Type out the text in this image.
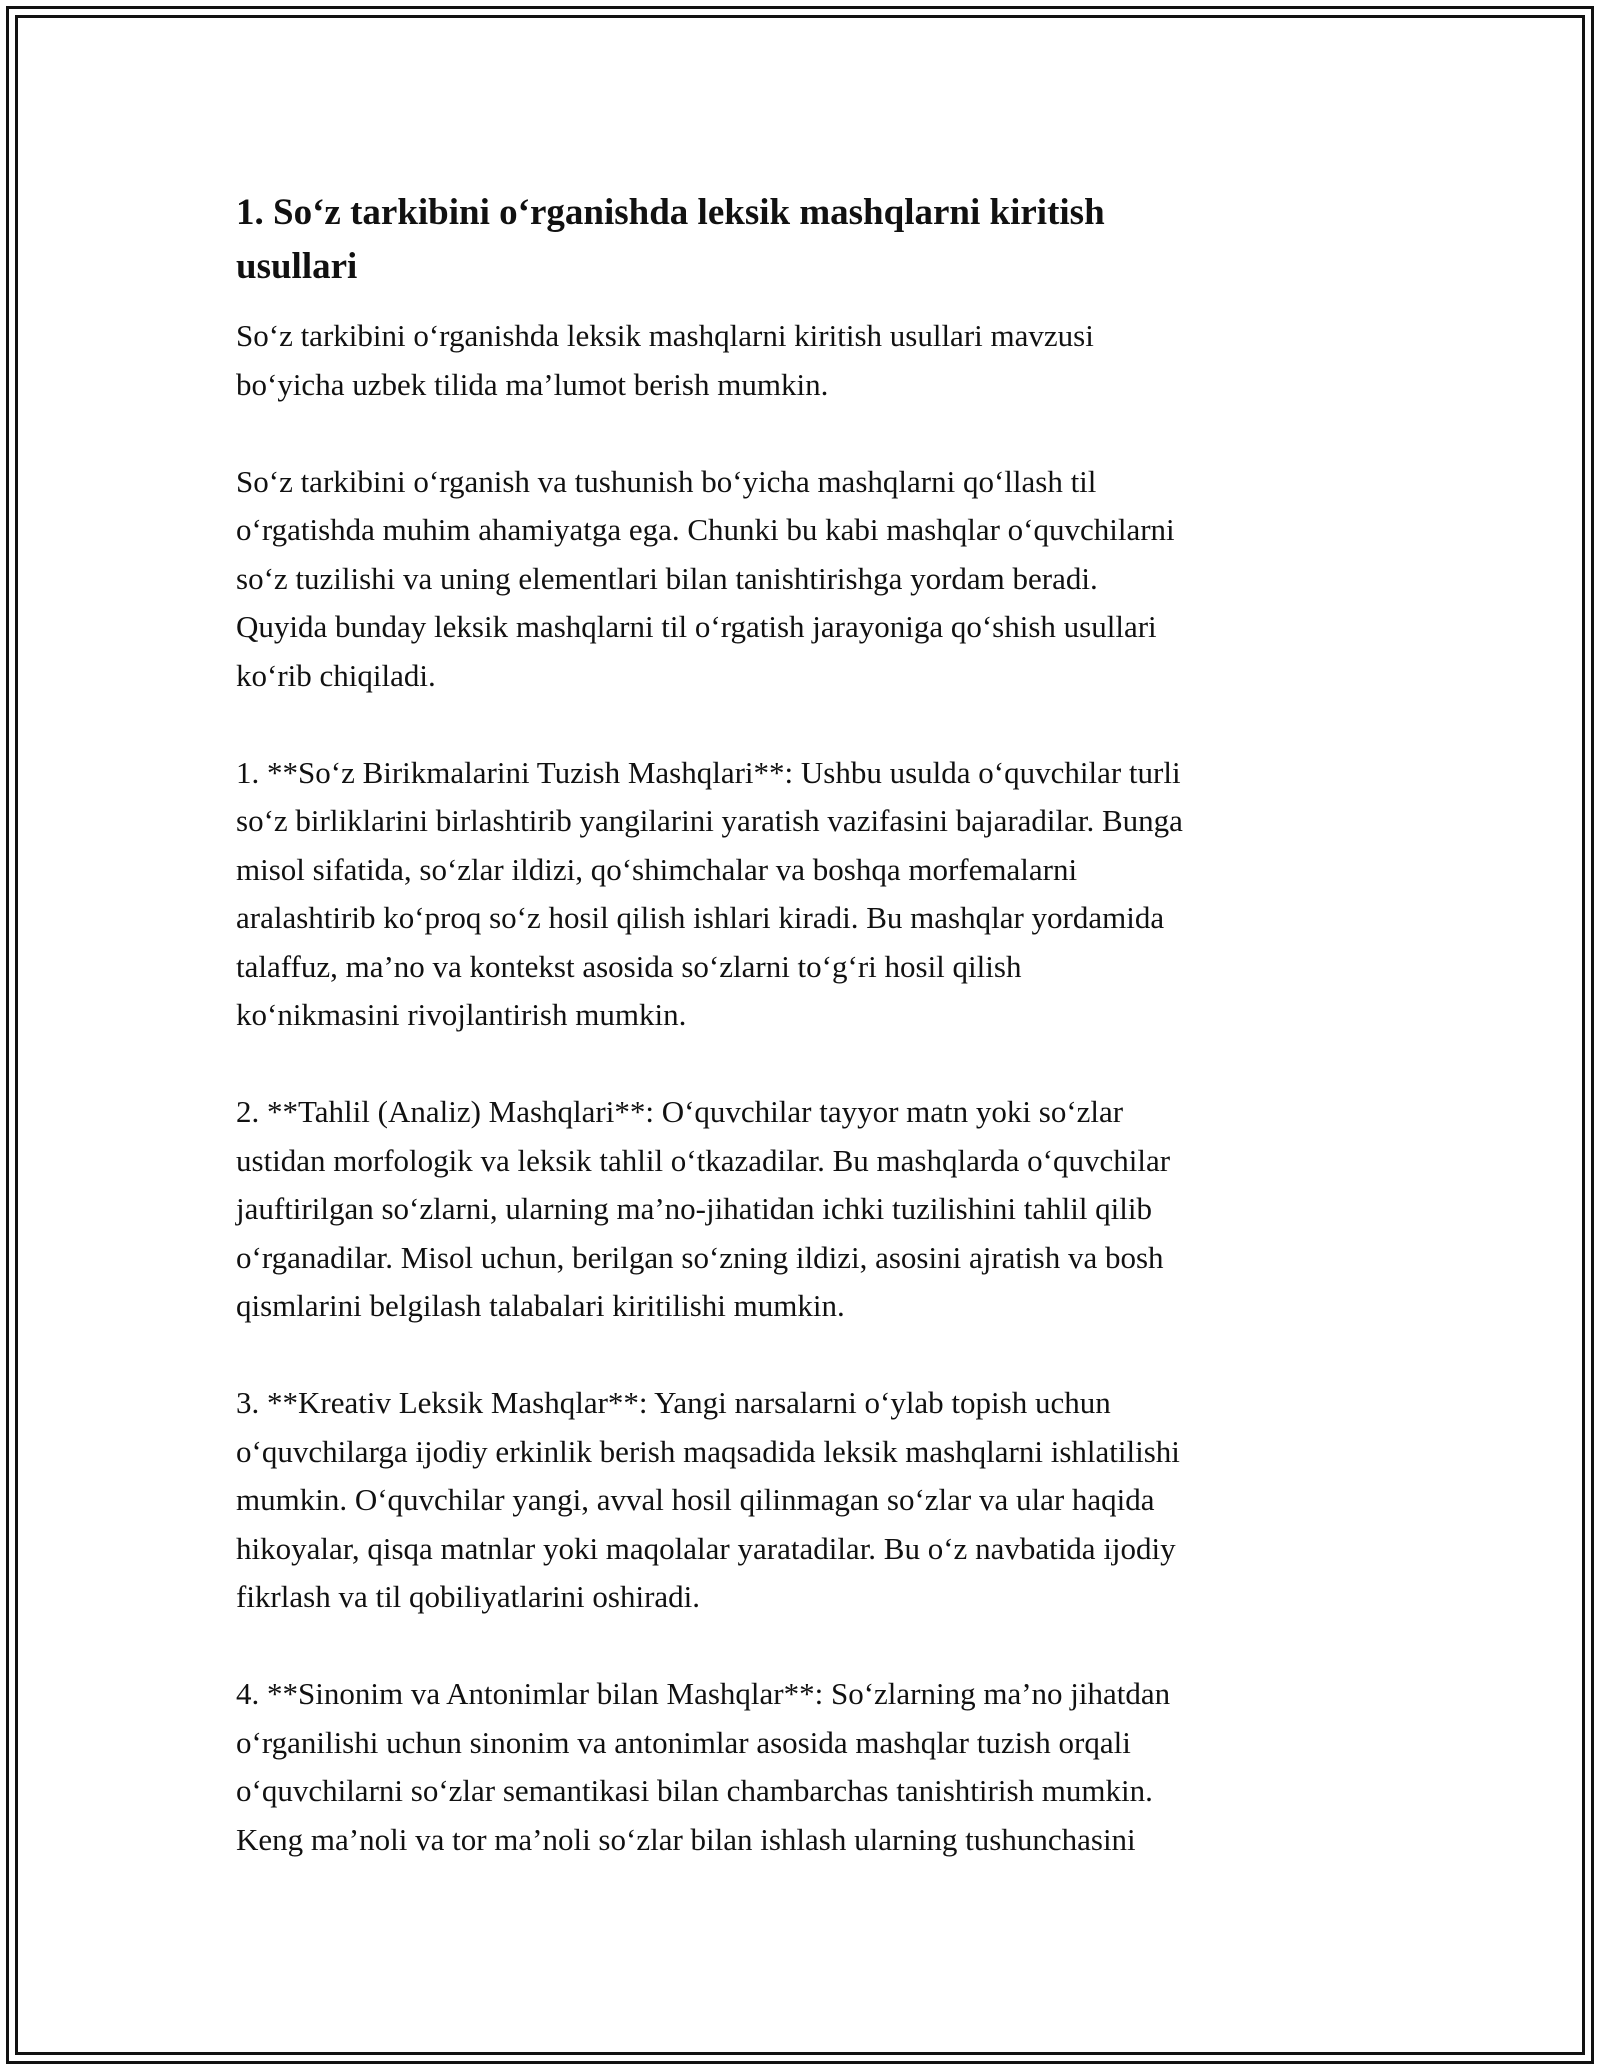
1. So‘z tarkibini o‘rganishda leksik mashqlarni kiritish
usullari

So‘z tarkibini o‘rganishda leksik mashqlarni kiritish usullari mavzusi
bo‘yicha uzbek tilida ma’lumot berish mumkin.

So‘z tarkibini o‘rganish va tushunish bo‘yicha mashqlarni qo‘llash til
o‘rgatishda muhim ahamiyatga ega. Chunki bu kabi mashqlar o‘quvchilarni
so‘z tuzilishi va uning elementlari bilan tanishtirishga yordam beradi.
Quyida bunday leksik mashqlarni til o‘rgatish jarayoniga qo‘shish usullari
ko‘rib chiqiladi.

1. **So‘z Birikmalarini Tuzish Mashqlari**: Ushbu usulda o‘quvchilar turli
so‘z birliklarini birlashtirib yangilarini yaratish vazifasini bajaradilar. Bunga
misol sifatida, so‘zlar ildizi, qo‘shimchalar va boshqa morfemalarni
aralashtirib ko‘proq so‘z hosil qilish ishlari kiradi. Bu mashqlar yordamida
talaffuz, ma’no va kontekst asosida so‘zlarni to‘g‘ri hosil qilish
ko‘nikmasini rivojlantirish mumkin.

2. **Tahlil (Analiz) Mashqlari**: O‘quvchilar tayyor matn yoki so‘zlar
ustidan morfologik va leksik tahlil o‘tkazadilar. Bu mashqlarda o‘quvchilar
jauftirilgan so‘zlarni, ularning ma’no-jihatidan ichki tuzilishini tahlil qilib
o‘rganadilar. Misol uchun, berilgan so‘zning ildizi, asosini ajratish va bosh
qismlarini belgilash talabalari kiritilishi mumkin.

3. **Kreativ Leksik Mashqlar**: Yangi narsalarni o‘ylab topish uchun
o‘quvchilarga ijodiy erkinlik berish maqsadida leksik mashqlarni ishlatilishi
mumkin. O‘quvchilar yangi, avval hosil qilinmagan so‘zlar va ular haqida
hikoyalar, qisqa matnlar yoki maqolalar yaratadilar. Bu o‘z navbatida ijodiy
fikrlash va til qobiliyatlarini oshiradi.

4. **Sinonim va Antonimlar bilan Mashqlar**: So‘zlarning ma’no jihatdan
o‘rganilishi uchun sinonim va antonimlar asosida mashqlar tuzish orqali
o‘quvchilarni so‘zlar semantikasi bilan chambarchas tanishtirish mumkin.
Keng ma’noli va tor ma’noli so‘zlar bilan ishlash ularning tushunchasini
